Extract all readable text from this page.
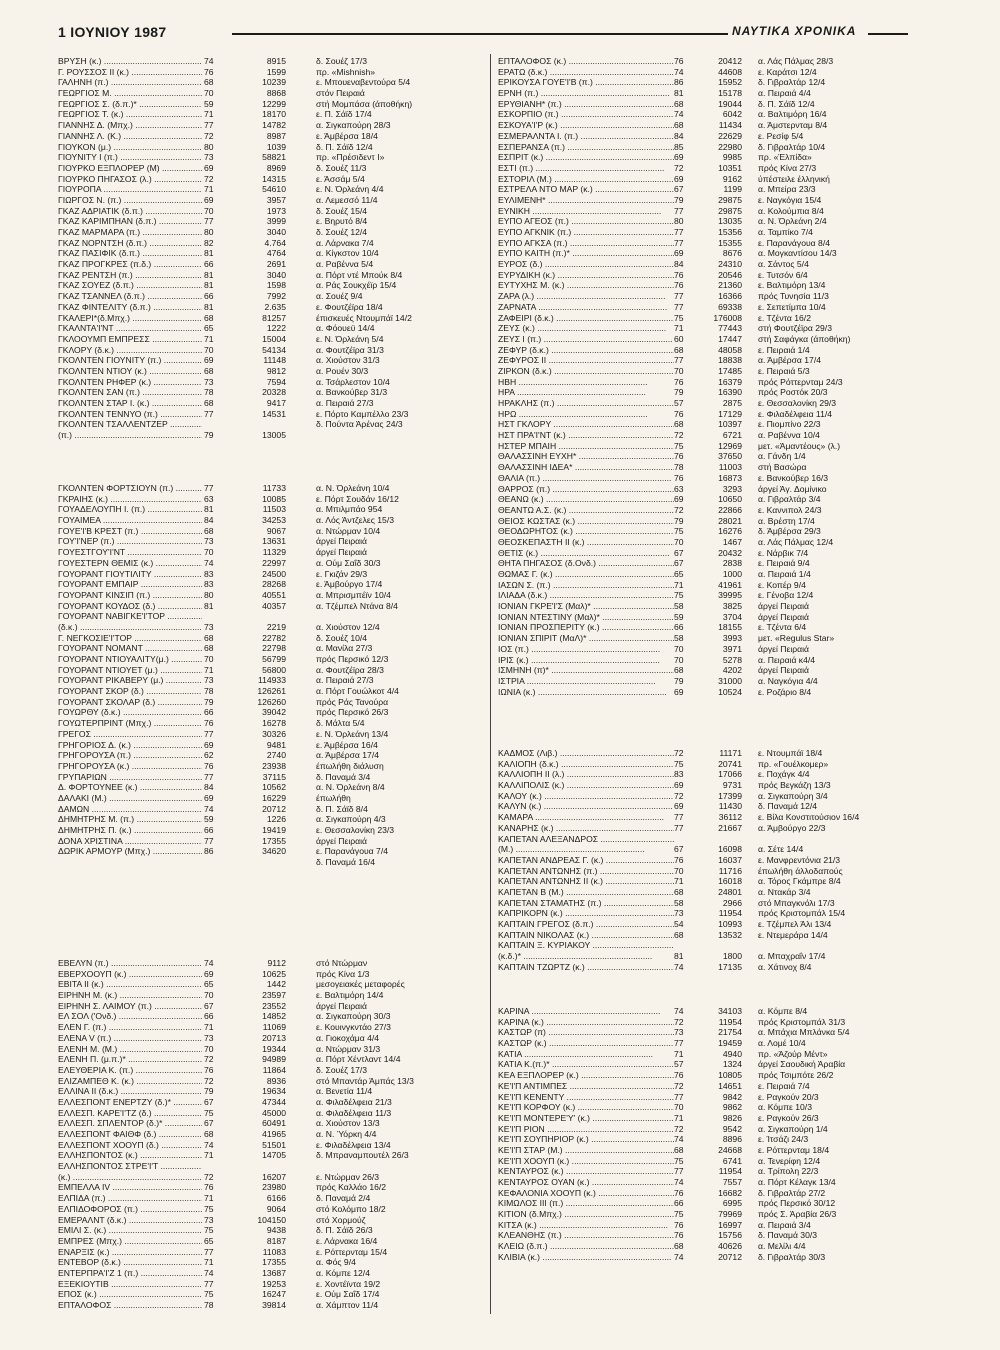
1 ΙΟΥΝΙΟΥ 1987	ΝΑΥΤΙΚΑ ΧΡΟΝΙΚΑ
ΒΡΥΣΗ (κ.) .....	74	8915	δ. Σουέζ 17/3
Γ. ΡΟΥΣΣΟΣ ΙΙ (κ.) .....	76	1599	πρ. «Mishnish»
ΓΑΛΗΝΗ (π.) .....	68	10239	ε. Μπουεναβεντούρα 5/4
ΓΕΩΡΓΙΟΣ Μ. .....	70	8868	στόν Πειραιά
ΓΕΩΡΓΙΟΣ Σ. (δ.π.)* .....	59	12299	στή Μομπάσα (άποθήκη)
ΓΕΩΡΓΙΟΣ Τ. (κ.) .....	71	18170	ε. Π. Σάϊδ 17/4
ΓΙΑΝΝΗΣ Δ. (Μπχ.) .....	77	14782	α. Σιγκαπούρη 28/3
ΓΙΑΝΝΗΣ Λ. (Κ.) .....	72	8987	ε. Άμβέρσα 18/4
ΓΙΟΥΚΟΝ (μ.) .....	80	1039	δ. Π. Σάϊδ 12/4
ΓΙΟΥΝΙΤΥ Ι (π.) .....	73	58821	πρ. «Πρέσιδεντ Ι»
ΓΙΟΥΡΚΟ ΕΞΠΛΟΡΕΡ (Μ) .....	69	8969	δ. Σουέζ 11/3
ΓΙΟΥΡΚΟ ΠΗΓΑΣΟΣ (λ.) .....	72	14315	ε. Άσσάμ 5/4
ΓΙΟΥΡΟΠΑ .....	71	54610	ε. Ν. Όρλεάνη 4/4
ΓΙΩΡΓΟΣ Ν. (π.) .....	69	3957	α. Λεμεσσό 11/4
ΓΚΑΖ ΑΔΡΙΑΤΙΚ (δ.π.) .....	70	1973	δ. Σουέζ 15/4
ΓΚΑΖ ΚΑΡΙΜΠΗΑΝ (δ.π.) .....	77	3999	ε. Βηρυτό 8/4
ΓΚΑΖ ΜΑΡΜΑΡΑ (π.) .....	80	3040	δ. Σουέζ 12/4
ΓΚΑΖ ΝΟΡΝΤΣΗ (δ.π.) .....	82	4.764	α. Λάρνακα 7/4
ΓΚΑΖ ΠΑΣΙΦΙΚ (δ.π.) .....	81	4764	α. Κίγκστον 10/4
ΓΚΑΖ ΠΡΟΓΚΡΕΣ (π.δ.) .....	66	2691	α. Ραβέννα 5/4
ΓΚΑΖ ΡΕΝΤΣΗ (π.) .....	81	3040	α. Πόρτ ντέ Μπούκ 8/4
ΓΚΑΖ ΣΟΥΕΖ (δ.π.) .....	81	1598	α. Ράς Σουκχέϊρ 15/4
ΓΚΑΖ ΤΣΑΝΝΕΛ (δ.π.) .....	66	7992	α. Σουέζ 9/4
ΓΚΑΖ ΦΙΝΤΕΛΙΤΥ (δ.π.) .....	81	2.635	ε. Φουτζέϊρα 18/4
ΓΚΑΛΕΡΙ*(δ.Μπχ.) .....	68	81257	έπισκευές Ντουμπάϊ 14/2
ΓΚΑΛΝΤΑ'Ι'ΝΤ .....	65	1222	α. Φόουεϋ 14/4
ΓΚΛΟΟΥΜΠ ΕΜΠΡΕΣΣ .....	71	15004	ε. Ν. Όρλεάνη 5/4
ΓΚΛΟΡΥ (δ.κ.) .....	70	54134	α. Φουτζέϊρα 31/3
ΓΚΟΛΝΤΕΝ ΓΙΟΥΝΙΤΥ (π.) .....	69	11148	α. Χιούστον 31/3
ΓΚΟΛΝΤΕΝ ΝΤΙΟΥ (κ.) .....	68	9812	α. Ρουέν 30/3
ΓΚΟΛΝΤΕΝ ΡΗΦΕΡ (κ.) .....	73	7594	α. Τσάρλεστον 10/4
ΓΚΟΛΝΤΕΝ ΣΑΝ (π.) .....	78	20328	α. Βανκούβερ 31/3
ΓΚΟΛΝΤΕΝ ΣΤΑΡ Ι. (κ.) .....	68	9417	α. Πειραιά 27/3
ΓΚΟΛΝΤΕΝ ΤΕΝΝΥΟ (π.) .....	77	14531	ε. Πόρτο Καμπέλλο 23/3
ΓΚΟΛΝΤΕΝ ΤΣΑΛΛΕΝΤΖΕΡ .....	δ. Πούντα Άρένας 24/3
(π.) .....	79	13005
ΓΚΟΛΝΤΕΝ ΦΟΡΤΣΙΟΥΝ (π.) .....	77	11733	α. Ν. Όρλεάνη 10/4
ΓΚΡΑΙΗΣ (κ.) .....	63	10085	ε. Πόρτ Σουδάν 16/12
ΓΟΥΑΔΕΛΟΥΠΗ Ι. (π.) .....	81	11503	α. Μπιλμπάο 954
ΓΟΥΑΙΜΕΑ .....	84	34253	α. Λός Άντζελες 15/3
ΓΟΥΕ'Ι'Β ΚΡΕΣΤ (π.) .....	68	9067	α. Ντώρμαν 10/4
ΓΟΥ'Ι'ΝΕΡ (π.) .....	73	13631	άργεί Πειραιά
ΓΟΥΕΣΤΓΟΥ'Ι'ΝΤ .....	70	11329	άργεί Πειραιά
ΓΟΥΕΣΤΕΡΝ ΘΕΜΙΣ (κ.) .....	74	22997	α. Ούμ Σαΐδ 30/3
ΓΟΥΟΡΑΝΤ ΓΙΟΥΤΙΛΙΤΥ .....	83	24500	ε. Γκιζάν 29/3
ΓΟΥΟΡΑΝΤ ΕΜΠΑΙΡ .....	83	28268	ε. Άμβούργο 17/4
ΓΟΥΟΡΑΝΤ ΚΙΝΣΙΠ (π.) .....	80	40551	α. Μπρισμπέϊν 10/4
ΓΟΥΟΡΑΝΤ ΚΟΥΔΟΣ (δ.) .....	81	40357	α. Τζέμπελ Ντάνα 8/4
ΓΟΥΟΡΑΝΤ ΝΑΒΙΓΚΕ'Ι'ΤΟΡ .....
(δ.κ.) .....	73	2219	α. Χιούστον 12/4
Γ. ΝΕΓΚΟΣΙΕ'Ι'ΤΟΡ .....	68	22782	δ. Σουέζ 10/4
ΓΟΥΟΡΑΝΤ ΝΟΜΑΝΤ .....	68	22798	α. Μανίλα 27/3
ΓΟΥΟΡΑΝΤ ΝΤΙΟΥΑΛΙΤΥ(μ.) .....	70	56799	πρός Περσικό 12/3
ΓΟΥΟΡΑΝΤ ΝΤΙΟΥΕΤ (μ.) .....	71	56800	α. Φουτζέϊρα 28/3
ΓΟΥΟΡΑΝΤ ΡΙΚΑΒΕΡΥ (μ.) .....	73	114933	α. Πειραιά 27/3
ΓΟΥΟΡΑΝΤ ΣΚΟΡ (δ.) .....	78	126261	α. Πόρτ Γουώλκοτ 4/4
ΓΟΥΟΡΑΝΤ ΣΚΟΛΑΡ (δ.) .....	79	126260	πρός Ράς Τανούρα
ΓΟΥΩΡΘΥ (δ.κ.) .....	66	39042	πρός Περσικό 26/3
ΓΟΥΩΤΕΡΠΡΙΝΤ (Μπχ.) .....	76	16278	δ. Μάλτα 5/4
ΓΡΕΓΟΣ .....	77	30326	ε. Ν. Όρλεάνη 13/4
ΓΡΗΓΟΡΙΟΣ Δ. (κ.) .....	69	9481	ε. Άμβέρσα 16/4
ΓΡΗΓΟΡΟΥΣΑ (π.) .....	62	2740	α. Άμβέρσα 17/4
ΓΡΗΓΟΡΟΥΣΑ (κ.) .....	76	23938	έπωλήθη διάλυση
ΓΡΥΠΑΡΙΩΝ .....	77	37115	δ. Παναμά 3/4
Δ. ΦΟΡΤΟΥΝΕΕ (κ.) .....	84	10562	α. Ν. Όρλεάνη 8/4
ΔΑΛΑΚΙ (Μ.) .....	69	16229	έπωλήθη
ΔΑΜΩΝ .....	74	20712	δ. Π. Σάϊδ 8/4
ΔΗΜΗΤΡΗΣ Μ. (π.) .....	59	1226	α. Σιγκαπούρη 4/3
ΔΗΜΗΤΡΗΣ Π. (κ.) .....	66	19419	ε. Θεσσαλονίκη 23/3
ΔΟΝΑ ΧΡΙΣΤΙΝΑ .....	77	17355	άργεί Πειραιά
ΔΩΡΙΚ ΑΡΜΟΥΡ (Μπχ.) .....	86	34620	ε. Παρανάγουα 7/4
δ. Παναμά 16/4
ΕΒΕΛΥΝ (π.) .....	74	9112	στό Ντώρμαν
ΕΒΕΡΧΟΟΥΠ (κ.) .....	69	10625	πρός Κίνα 1/3
ΕΒΙΤΑ ΙΙ (κ.) .....	65	1442	μεσογειακές μεταφορές
ΕΙΡΗΝΗ Μ. (κ.) .....	70	23597	ε. Βαλτιμόρη 14/4
ΕΙΡΗΝΗ Σ. ΛΑΙΜΟΥ (π.) .....	67	23552	άργεί Πειραιά
ΕΛ ΣΟΛ ('Ονδ.) .....	66	14852	α. Σιγκαπούρη 30/3
ΕΛΕΝ Γ. (π.) .....	71	11069	ε. Κουινγκντάο 27/3
ΕΛΕΝΑ V (π.) .....	73	20713	α. Γιοκοχάμα 4/4
ΕΛΕΝΗ Μ. (Μ.) .....	70	19344	α. Ντώρμαν 31/3
ΕΛΕΝΗ Π. (μ.π.)* .....	72	94989	α. Πόρτ Χέντλαντ 14/4
ΕΛΕΥΘΕΡΙΑ Κ. (π.) .....	76	11864	δ. Σουέζ 17/3
ΕΛΙΖΑΜΠΕΘ Κ. (κ.) .....	72	8936	στό Μπαντάρ Άμπάς 13/3
ΕΛΛΙΝΑ ΙΙ (δ.κ.) .....	79	19634	α. Βενετία 11/4
ΕΛΛΕΣΠΟΝΤ ΕΝΕΡΤΖΥ (δ.)* .....	67	47344	α. Φιλαδέλφεια 21/3
ΕΛΛΕΣΠ. ΚΑΡΕ'Ι'ΤΖ (δ.) .....	75	45000	α. Φιλαδέλφεια 11/3
ΕΛΛΕΣΠ. ΣΠΛΕΝΤΟΡ (δ.)* .....	67	60491	α. Χιούστον 13/3
ΕΛΛΕΣΠΟΝΤ ΦΑΙΘΦ (δ.) .....	68	41965	α. Ν. Ύόρκη 4/4
ΕΛΛΕΣΠΟΝΤ ΧΟΟΥΠ (δ.) .....	74	51501	ε. Φιλαδέλφεια 13/4
ΕΛΛΗΣΠΟΝΤΟΣ (κ.) .....	71	14705	δ. Μπραναμπουτέλ 26/3
ΕΛΛΗΣΠΟΝΤΟΣ ΣΤΡΕ'Ι'Τ .....
(κ.) .....	72	16207	ε. Ντώρμαν 26/3
ΕΜΠΕΛΛΑ ΙV .....	76	23980	πρός Καλλάο 16/2
ΕΛΠΙΔΑ (π.) .....	71	6166	δ. Παναμά 2/4
ΕΛΠΙΔΟΦΟΡΟΣ (π.) .....	75	9064	στό Κολόμπο 18/2
ΕΜΕΡΑΛΝΤ (δ.κ.) .....	73	104150	στό Χορμούζ
ΕΜΙΛΙ Σ. (κ.) .....	75	9438	δ. Π. Σάϊδ 26/3
ΕΜΠΡΕΣ (Μπχ.) .....	65	8187	ε. Λάρνακα 16/4
ΕΝΑΡΞΙΣ (κ.) .....	77	11083	ε. Ρόττερνταμ 15/4
ΕΝΤΕΒΟΡ (δ.κ.) .....	71	17355	α. Φός 9/4
ΕΝΤΕΡΠΡΑ'Ι'Ζ 1 (π.) .....	74	13687	α. Κόμπε 12/4
ΕΞΕΚΙΟΥΤΙΒ .....	77	19253	ε. Χοντέϊντα 19/2
ΕΠΟΣ (κ.) .....	75	16247	ε. Ούμ Σαΐδ 17/4
ΕΠΤΑΛΟΦΟΣ .....	78	39814	α. Χάμπτον 11/4
ΕΠΤΑΛΟΦΟΣ (κ.) .....	76	20412 α. Λάς Πάλμας 28/3
ΕΡΑΤΩ (δ.κ.) .....	74	44608 ε. Καράτσι 12/4
ΕΡΙΚΟΥΣΑ ΓΟΥΕ'Ι'Β (π.) .....	86	15952 δ. Γιβραλτάρ 12/4
ΕΡΝΗ (π.) .....	81	15178 α. Πειραιά 4/4
ΕΡΥΘΙΑΝΗ* (π.) .....	68	19044 δ. Π. Σάϊδ 12/4
ΕΣΚΟΡΠΙΟ (π.) .....	74	6042 α. Βαλτιμόρη 16/4
ΕΣΚΟΥΑ'Ι'Ρ (κ.) .....	68	11434 α. Άμστερνταμ 8/4
ΕΣΜΕΡΑΛΝΤΑ Ι. (π.) .....	84	22629 ε. Ρεσίφ 5/4
ΕΣΠΕΡΑΝΣΑ (π.) .....	85	22980 δ. Γιβραλτάρ 10/4
ΕΣΠΡΙΤ (κ.) .....	69	9985 πρ. «Έλπίδα»
ΕΣΤΙ (π.) .....	72	10351 πρός Κίνα 27/3
ΕΣΤΟΡΙΛ (Μ.) .....	69	9162 ύπέστειλε έλληνική
ΕΣΤΡΕΛΑ ΝΤΟ ΜΑΡ (κ.) .....	67	1199 α. Μπείρα 23/3
ΕΥΛΙΜΕΝΗ* .....	79	29875 ε. Ναγκόγια 15/4
ΕΥΝΙΚΗ .....	77	29875 α. Κολούμπια 8/4
ΕΥΠΟ ΑΓΕΟΣ (π.) .....	80	13035 α. Ν. Όρλεάνη 2/4
ΕΥΠΟ ΑΓΚΝΙΚ (π.) .....	77	15356 α. Ταμπίκο 7/4
ΕΥΠΟ ΑΓΚΣΑ (π.) .....	77	15355 ε. Παρανάγουα 8/4
ΕΥΠΟ ΚΑΙΤΗ (π.)* .....	69	8676 α. Μογκαντίσου 14/3
ΕΥΡΟΣ (δ.) .....	84	24310 α. Σάντος 5/4
ΕΥΡΥΔΙΚΗ (κ.) .....	76	20546 ε. Τυτσόν 6/4
ΕΥΤΥΧΗΣ Μ. (κ.) .....	76	21360 ε. Βαλτιμόρη 13/4
ΖΑΡΑ (λ.) .....	77	16366 πρός Τυνησία 11/3
ΖΑΡΝΑΤΑ .....	77	69338 ε. Σεπετίμπα 10/4
ΖΑΦΕΙΡΙ (δ.κ.) .....	75	176008 ε. Τζέντα 16/2
ΖΕΥΣ (κ.) .....	71	77443 στή Φουτζέϊρα 29/3
ΖΕΥΣ Ι (π.) .....	60	17447 στή Σαφάγκα (άποθήκη)
ΖΕΦΥΡ (δ.κ.) .....	68	48058 ε. Πειραιά 1/4
ΖΕΦΥΡΟΣ ΙΙ .....	77	18838 α. Άμβέρσα 17/4
ΖΙΡΚΟΝ (δ.κ.) .....	70	17485 ε. Πειραιά 5/3
ΗΒΗ .....	76	16379 πρός Ρόττερνταμ 24/3
ΗΡΑ .....	79	16390 πρός Ροστόκ 20/3
ΗΡΑΚΛΗΣ (π.) .....	57	2875 ε. Θεσσαλονίκη 29/3
ΗΡΩ .....	76	17129 ε. Φιλαδέλφεια 11/4
ΗΣΤ ΓΚΛΟΡΥ .....	68	10397 ε. Πιομπίνο 22/3
ΗΣΤ ΠΡΑ'Ι'ΝΤ (κ.) .....	72	6721 α. Ραβέννα 10/4
ΗΣΤΕΡ ΜΠΑΙΗ .....	75	12969 μετ. «Άμαντέους» (λ.)
ΘΑΛΑΣΣΙΝΗ ΕΥΧΗ* .....	76	37650 α. Γάνδη 1/4
ΘΑΛΑΣΣΙΝΗ ΙΔΕΑ* .....	78	11003 στή Βασώρα
ΘΑΛΙΑ (π.) .....	76	16873 ε. Βανκούβερ 16/3
ΘΑΡΡΟΣ (π.) .....	63	3293 άργεί Άγ. Δομίνικο
ΘΕΑΝΩ (κ.) .....	69	10650 α. Γιβραλτάρ 3/4
ΘΕΑΝΤΩ Α.Σ. (κ.) .....	72	22866 ε. Καννιπολ 24/3
ΘΕΙΟΣ ΚΩΣΤΑΣ (κ.) .....	79	28021 α. Βρέστη 17/4
ΘΕΟΔΩΡΗΤΟΣ (κ.) .....	75	16276 δ. Άμβέρσα 29/3
ΘΕΟΣΚΕΠΑΣΤΗ ΙΙ (κ.) .....	70	1467 α. Λάς Πάλμας 12/4
ΘΕΤΙΣ (κ.) .....	67	20432 ε. Νάρβικ 7/4
ΘΗΤΑ ΠΗΓΑΣΟΣ (δ.Ονδ.) .....	67	2838 ε. Πειραιά 9/4
ΘΩΜΑΣ Γ. (κ.) .....	65	1000 α. Πειραιά 1/4
ΙΑΣΩΝ Σ. (π.) .....	71	41961 ε. Κοπέρ 9/4
ΙΛΙΑΔΑ (δ.κ.) .....	75	39995 ε. Γένοβα 12/4
ΙΟΝΙΑΝ ΓΚΡΕ'Ι'Σ (Μαλ)* .....	58	3825 άργεί Πειραιά
ΙΟΝΙΑΝ ΝΤΕΣΤΙΝΥ (Μαλ)* .....	59	3704 άργεί Πειραιά
ΙΟΝΙΑΝ ΠΡΟΣΠΕΡΙΤΥ (κ.) .....	66	18155 ε. Τζέντα 6/4
ΙΟΝΙΑΝ ΣΠΙΡΙΤ (ΜαΛ)* .....	58	3993 μετ. «Regulus Star»
ΙΟΣ (π.) .....	70	3971 άργεί Πειραιά
ΙΡΙΣ (κ.) .....	70	5278 α. Πειραιά κ4/4
ΙΣΜΗΝΗ (π)* .....	68	4202 άργεί Πειραιά
ΙΣΤΡΙΑ .....	79	31000 α. Ναγκόγια 4/4
ΙΩΝΙΑ (κ.) .....	69	10524 ε. Ροζάριο 8/4
ΚΑΔΜΟΣ (Λιβ.) .....	72	11171 ε. Ντουμπάϊ 18/4
ΚΑΛΙΟΠΗ (δ.κ.) .....	75	20741 πρ. «Γουέλκομερ»
ΚΑΛΛΙΟΠΗ ΙΙ (λ.) .....	83	17066 ε. Ποχάγκ 4/4
ΚΑΛΛΙΠΟΛΙΣ (κ.) .....	69	9731 πρός Βεγκάζη 13/3
ΚΑΛΟΥ (κ.) .....	72	17399 α. Σιγκαπούρη 3/4
ΚΑΛΥΝ (κ.) .....	69	11430 δ. Παναμά 12/4
ΚΑΜΑΡΑ .....	77	36112 ε. Βίλα Κονστιτούσιον 16/4
ΚΑΝΑΡΗΣ (κ.) .....	77	21667 α. Άμβούργο 22/3
ΚΑΠΕΤΑΝ ΑΛΕΞΑΝΔΡΟΣ .....
(Μ.) .....	67	16098 α. Σέτε 14/4
ΚΑΠΕΤΑΝ ΑΝΔΡΕΑΣ Γ. (κ.) .....	76	16037 ε. Μανφρεντόνια 21/3
ΚΑΠΕΤΑΝ ΑΝΤΩΝΗΣ (π.) .....	70	11716 έπωλήθη άλλοδαπούς
ΚΑΠΕΤΑΝ ΑΝΤΩΝΗΣ ΙΙ (κ.) .....	71	16018 α. Τόρος Γκάμπρε 8/4
ΚΑΠΕΤΑΝ Β (Μ.) .....	68	24801 α. Ντακάρ 3/4
ΚΑΠΕΤΑΝ ΣΤΑΜΑΤΗΣ (π.) .....	58	2966 στό Μπαγκνόλι 17/3
ΚΑΠΡΙΚΟΡΝ (κ.) .....	73	11954 πρός Κριστομπάλ 15/4
ΚΑΠΤΑΙΝ ΓΡΕΓΟΣ (δ.π.) .....	54	10993 ε. Τζέμπελ Άλι 13/4
ΚΑΠΤΑΙΝ ΝΙΚΟΛΑΣ (κ.) .....	68	13532 ε. Ντεμεράρα 14/4
ΚΑΠΤΑΙΝ Ξ. ΚΥΡΙΑΚΟΥ .....
(κ.δ.)* .....	81	1800 α. Μπαχραΐν 17/4
ΚΑΠΤΑΙΝ ΤΖΩΡΤΖ (κ.) .....	74	17135 α. Χάτινοχ 8/4
ΚΑΡΙΝΑ .....	74	34103 α. Κόμπε 8/4
ΚΑΡΙΝΑ (κ.) .....	72	11954 πρός Κριστομπάλ 31/3
ΚΑΣΤΩΡ (π) .....	73	21754 α. Μπάχια Μπλάνκα 5/4
ΚΑΣΤΩΡ (κ.) .....	77	19459 α. Λομέ 10/4
ΚΑΤΙΑ .....	71	4940 πρ. «Άζούρ Μέντ»
ΚΑΤΙΑ Κ.(π.)* .....	57	1324 άργεί Σαουδική Άραβία
ΚΕΑ ΕΞΠΛΟΡΕΡ (κ.) .....	76	10805 πρός Τσιμπότε 26/2
ΚΕ'Ι'Π ΑΝΤΙΜΠΕΣ .....	72	14651 ε. Πειραιά 7/4
ΚΕ'Ι'Π ΚΕΝΕΝΤΥ .....	77	9842 ε. Ραγκούν 20/3
ΚΕ'Ι'Π ΚΟΡΦΟΥ (κ.) .....	70	9862 α. Κόμπε 10/3
ΚΕ'Ι'Π ΜΟΝΤΕΡΕ'Υ' (κ.) .....	71	9826 ε. Ραγκούν 26/3
ΚΕ'Ι'Π ΡΙΟΝ .....	72	9542 α. Σιγκαπούρη 1/4
ΚΕ'Ι'Π ΣΟΥΠΗΡΙΟΡ (κ.) .....	74	8896 ε. Ίτσάζι 24/3
ΚΕ'Ι'Π ΣΤΑΡ (Μ.) .....	68	24668 ε. Ρόττερνταμ 18/4
ΚΕ'Ι'Π ΧΟΟΥΠ (κ.) .....	75	6741 α. Τενερίφη 12/4
ΚΕΝΤΑΥΡΟΣ (κ.) .....	77	11954 α. Τρίπολη 22/3
ΚΕΝΤΑΥΡΟΣ ΟΥΑΝ (κ.) .....	74	7557 α. Πόρτ Κέλαγκ 13/4
ΚΕΦΑΛΟΝΙΑ ΧΟΟΥΠ (κ.) .....	76	16682 δ. Γιβραλτάρ 27/2
ΚΙΜΩΛΟΣ ΙΙΙ (π.) .....	66	6995 πρός Περσικό 30/12
ΚΙΤΙΟΝ (δ.Μπχ.) .....	75	79969 πρός Σ. Άραβία 26/3
ΚΙΤΣΑ (κ.) .....	76	16997 α. Πειραιά 3/4
ΚΛΕΑΝΘΗΣ (π.) .....	76	15756 δ. Παναμά 30/3
ΚΛΕΙΩ (δ.π.) .....	68	40626 α. Μελίλι 4/4
ΚΛΙΒΙΑ (κ.) .....	74	20712 δ. Γιβραλτάρ 30/3
